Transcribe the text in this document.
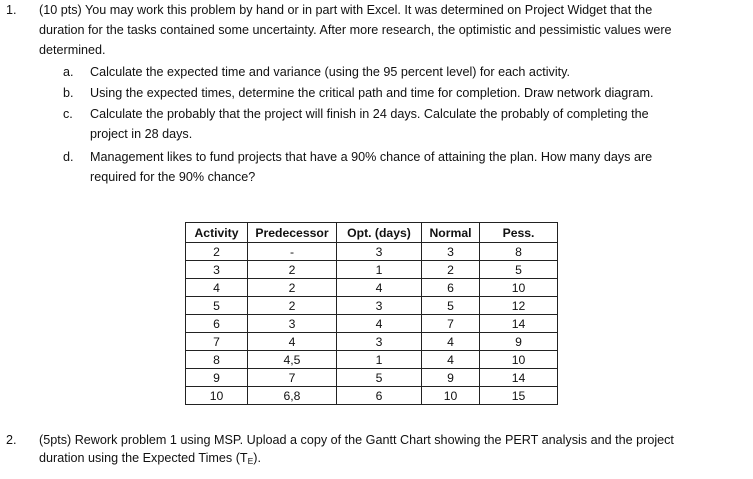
1. (10 pts) You may work this problem by hand or in part with Excel. It was determined on Project Widget that the
duration for the tasks contained some uncertainty. After more research, the optimistic and pessimistic values were
determined.
a. Calculate the expected time and variance (using the 95 percent level) for each activity.
b. Using the expected times, determine the critical path and time for completion. Draw network diagram.
c. Calculate the probably that the project will finish in 24 days. Calculate the probably of completing the
project in 28 days.
d. Management likes to fund projects that have a 90% chance of attaining the plan. How many days are
required for the 90% chance?
Activity	Predecessor	Opt. (days)	Normal	Pess.
2	-	3	3	8
3	2	1	2	5
4	2	4	6	10
5	2	3	5	12
6	3	4	7	14
7	4	3	4	9
8	4,5	1	4	10
9	7	5	9	14
10	6,8	6	10	15
2. (5pts) Rework problem 1 using MSP. Upload a copy of the Gantt Chart showing the PERT analysis and the project
duration using the Expected Times $(T_E)$.
